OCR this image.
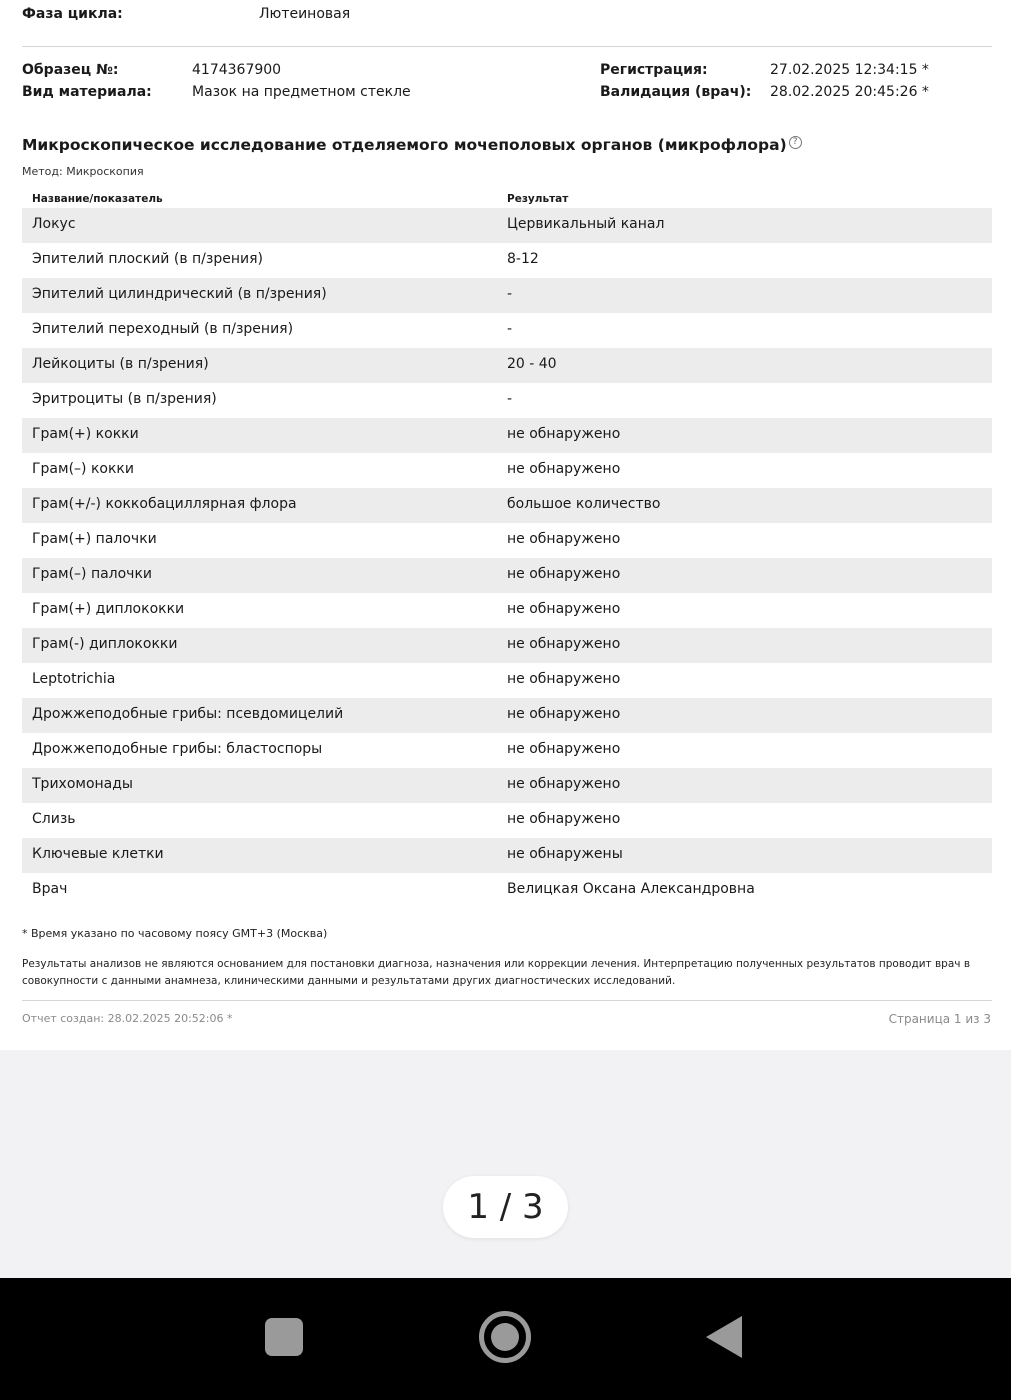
Фаза цикла:	Лютеиновая
Образец №:	4174367900
Вид материала:	Мазок на предметном стекле
Регистрация:	27.02.2025 12:34:15 *
Валидация (врач): 28.02.2025 20:45:26 *
Микроскопическое исследование отделяемого мочеполовых органов (микрофлора) ?
Метод: Микроскопия
Название/показатель	Результат
Локус	Цервикальный канал
Эпителий плоский (в п/зрения)	8-12
Эпителий цилиндрический (в п/зрения)	-
Эпителий переходный (в п/зрения)	-
Лейкоциты (в п/зрения)	20 - 40
Эритроциты (в п/зрения)	-
Грам(+) кокки	не обнаружено
Грам(–) кокки	не обнаружено
Грам(+/-) коккобациллярная флора	большое количество
Грам(+) палочки	не обнаружено
Грам(–) палочки	не обнаружено
Грам(+) диплококки	не обнаружено
Грам(-) диплококки	не обнаружено
Leptotrichia	не обнаружено
Дрожжеподобные грибы: псевдомицелий	не обнаружено
Дрожжеподобные грибы: бластоспоры	не обнаружено
Трихомонады	не обнаружено
Слизь	не обнаружено
Ключевые клетки	не обнаружены
Врач	Велицкая Оксана Александровна
* Время указано по часовому поясу GMT+3 (Москва)
Результаты анализов не являются основанием для постановки диагноза, назначения или коррекции лечения. Интерпретацию полученных результатов проводит врач в совокупности с данными анамнеза, клиническими данными и результатами других диагностических исследований.
Отчет создан: 28.02.2025 20:52:06 *	Страница 1 из 3
1 / 3
